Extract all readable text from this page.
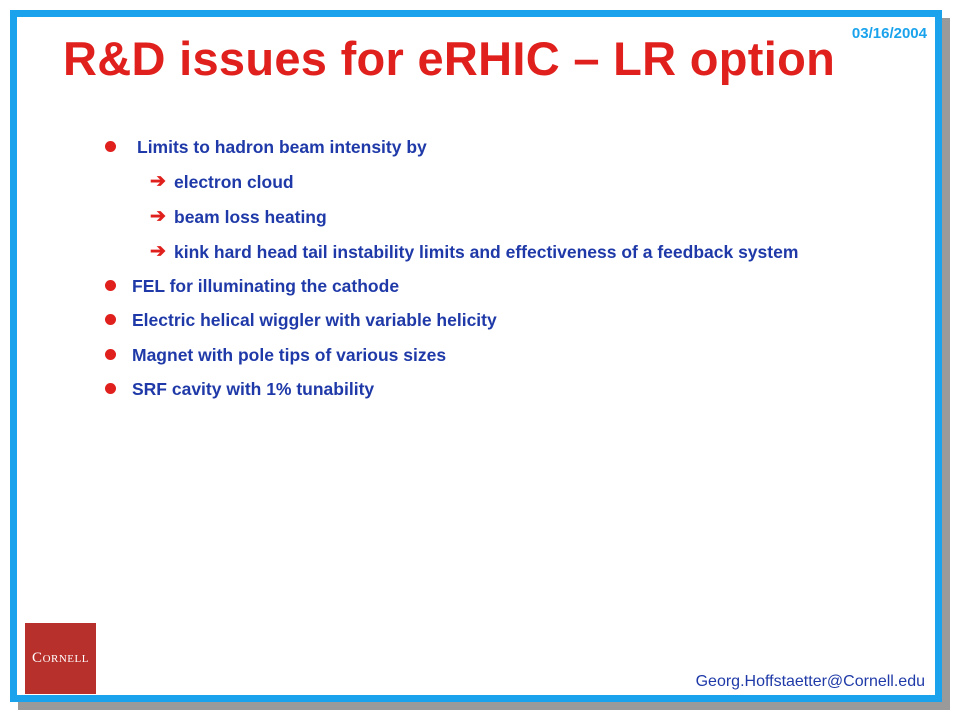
03/16/2004
R&D issues for eRHIC – LR option
Limits to hadron beam intensity by
➔ electron cloud
➔ beam loss heating
➔ kink hard head tail instability limits and effectiveness of a feedback system
FEL for illuminating the cathode
Electric helical wiggler with variable helicity
Magnet with pole tips of various sizes
SRF cavity with 1% tunability
CORNELL
Georg.Hoffstaetter@Cornell.edu
